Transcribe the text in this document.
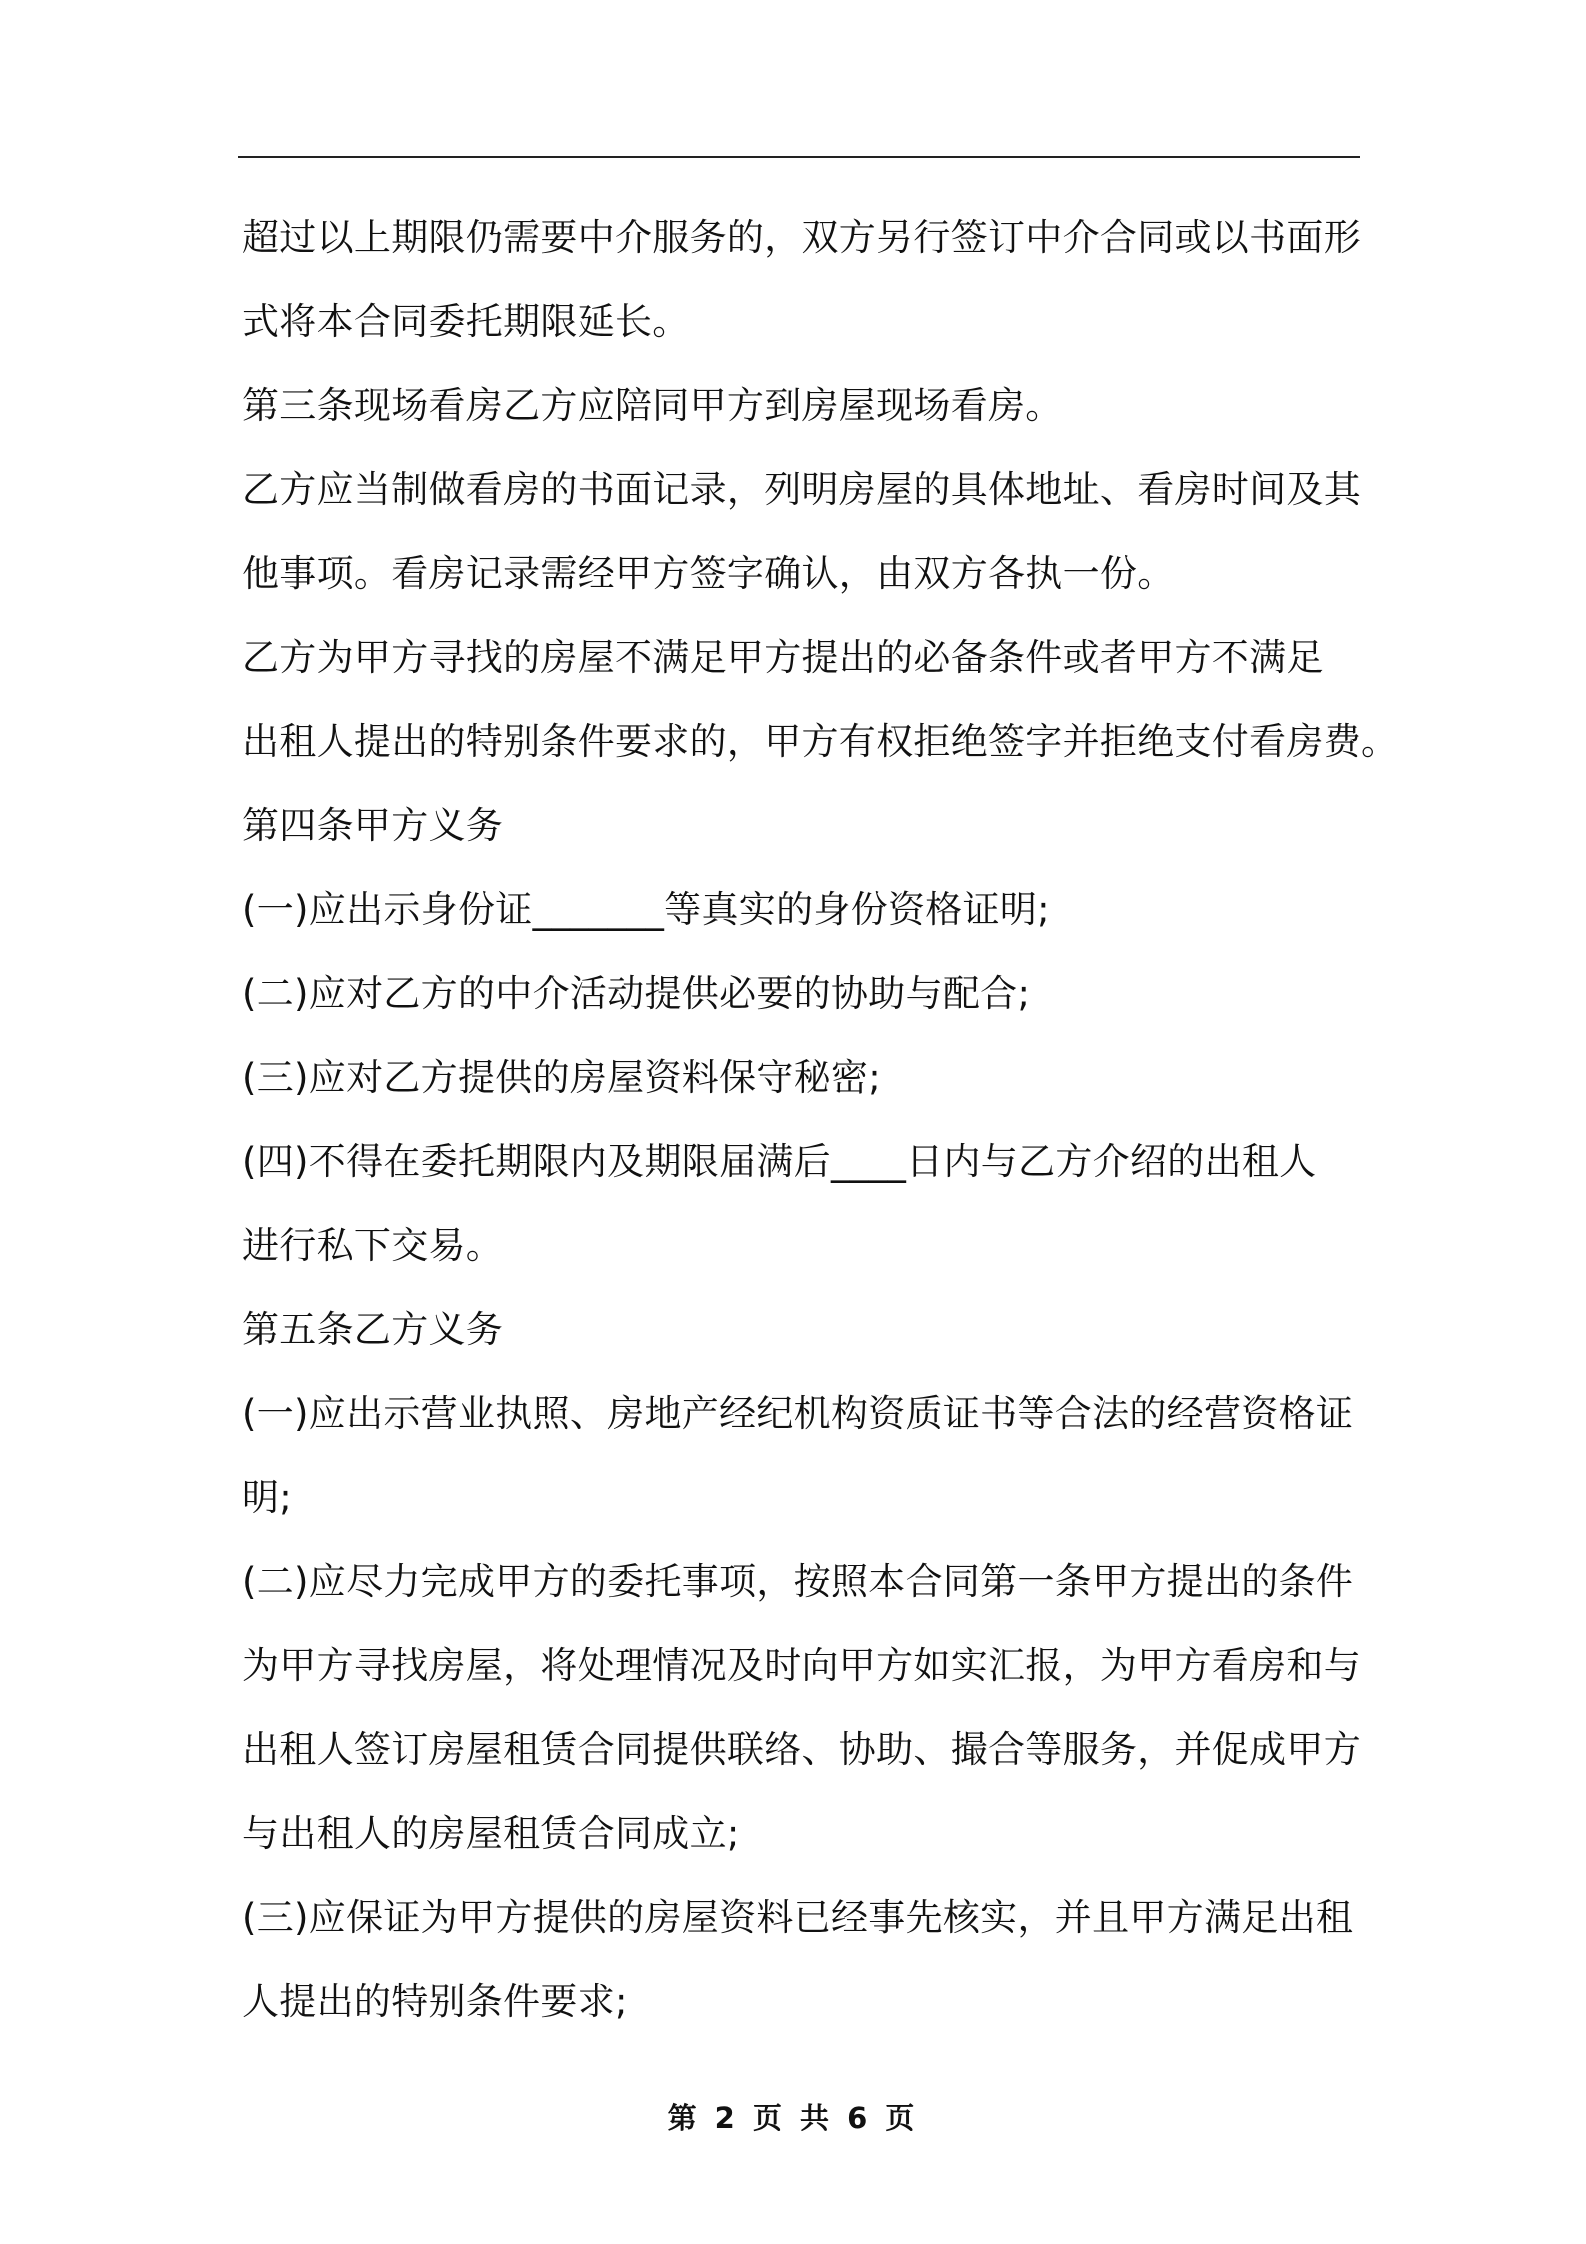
超过以上期限仍需要中介服务的，双方另行签订中介合同或以书面形
式将本合同委托期限延长。
第三条现场看房乙方应陪同甲方到房屋现场看房。
乙方应当制做看房的书面记录，列明房屋的具体地址、看房时间及其
他事项。看房记录需经甲方签字确认，由双方各执一份。
乙方为甲方寻找的房屋不满足甲方提出的必备条件或者甲方不满足
出租人提出的特别条件要求的，甲方有权拒绝签字并拒绝支付看房费。
第四条甲方义务
(一)应出示身份证_______等真实的身份资格证明;
(二)应对乙方的中介活动提供必要的协助与配合;
(三)应对乙方提供的房屋资料保守秘密;
(四)不得在委托期限内及期限届满后____日内与乙方介绍的出租人
进行私下交易。
第五条乙方义务
(一)应出示营业执照、房地产经纪机构资质证书等合法的经营资格证
明;
(二)应尽力完成甲方的委托事项，按照本合同第一条甲方提出的条件
为甲方寻找房屋，将处理情况及时向甲方如实汇报，为甲方看房和与
出租人签订房屋租赁合同提供联络、协助、撮合等服务，并促成甲方
与出租人的房屋租赁合同成立;
(三)应保证为甲方提供的房屋资料已经事先核实，并且甲方满足出租
人提出的特别条件要求;
第 2 页 共 6 页
